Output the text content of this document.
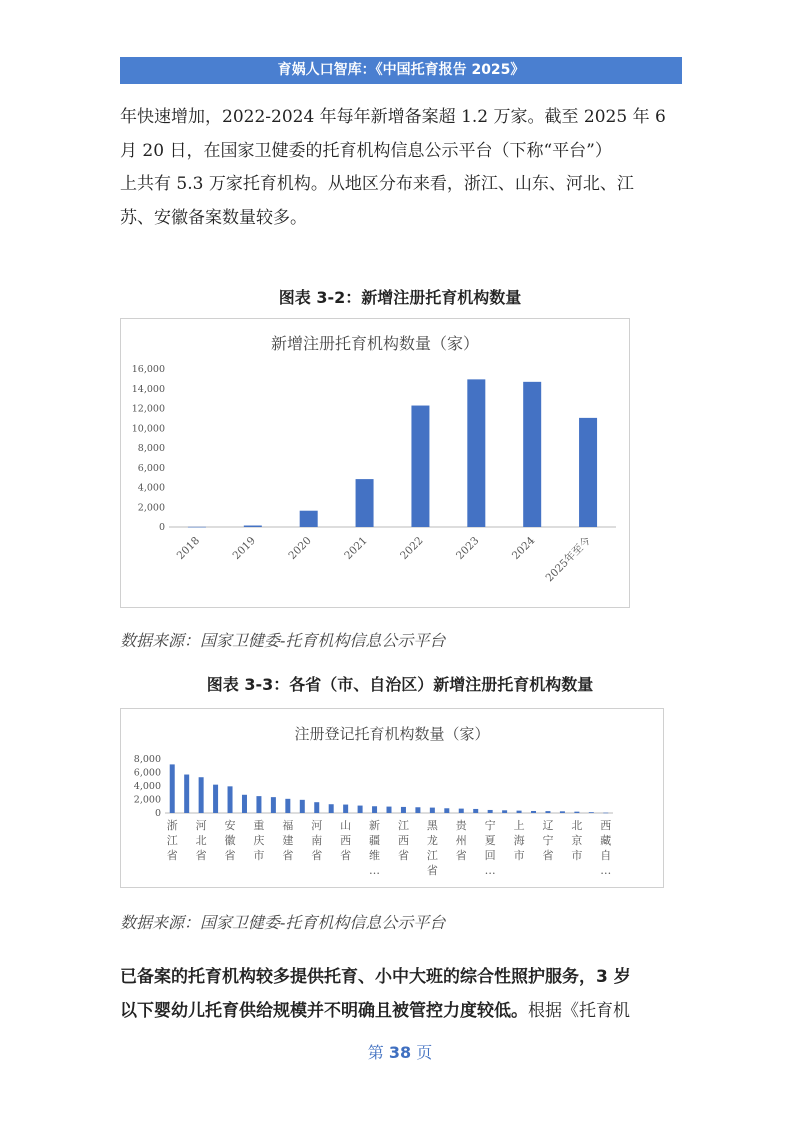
育娲人口智库：《中国托育报告 2025》
年快速增加，2022-2024 年每年新增备案超 1.2 万家。截至 2025 年 6
月 20 日，在国家卫健委的托育机构信息公示平台（下称“平台”）
上共有 5.3 万家托育机构。从地区分布来看，浙江、山东、河北、江
苏、安徽备案数量较多。
图表 3-2：新增注册托育机构数量
新增注册托育机构数量（家）
0
2,000
4,000
6,000
8,000
10,000
12,000
14,000
16,000
2018	2019	2020	2021	2022	2023	2024 2025年至今
数据来源：国家卫健委-托育机构信息公示平台
图表 3-3：各省（市、自治区）新增注册托育机构数量
注册登记托育机构数量（家）
0
2,000
4,000
6,000
8,000
浙江省
河北省
安徽省
重庆市
福建省
河南省
山西省
新疆维…
江西省
黑龙江省
贵州省
宁夏回…
上海市
辽宁省
北京市
西藏自…
数据来源：国家卫健委-托育机构信息公示平台
已备案的托育机构较多提供托育、小中大班的综合性照护服务，3 岁
以下婴幼儿托育供给规模并不明确且被管控力度较低。根据《托育机
第 38 页
